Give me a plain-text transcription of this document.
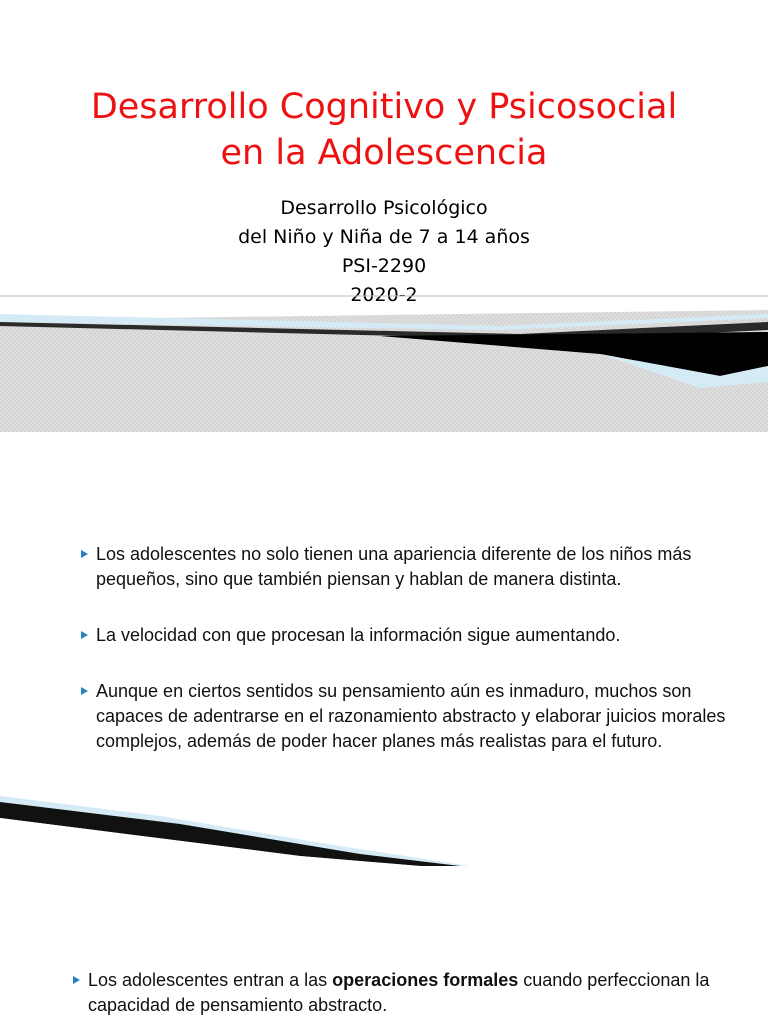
Desarrollo Cognitivo y Psicosocial
en la Adolescencia
Desarrollo Psicológico
del Niño y Niña de 7 a 14 años
PSI-2290
2020-2
Los adolescentes no solo tienen una apariencia diferente de los niños más pequeños, sino que también piensan y hablan de manera distinta.
La velocidad con que procesan la información sigue aumentando.
Aunque en ciertos sentidos su pensamiento aún es inmaduro, muchos son capaces de adentrarse en el razonamiento abstracto y elaborar juicios morales complejos, además de poder hacer planes más realistas para el futuro.
Los adolescentes entran a las operaciones formales cuando perfeccionan la capacidad de pensamiento abstracto.
